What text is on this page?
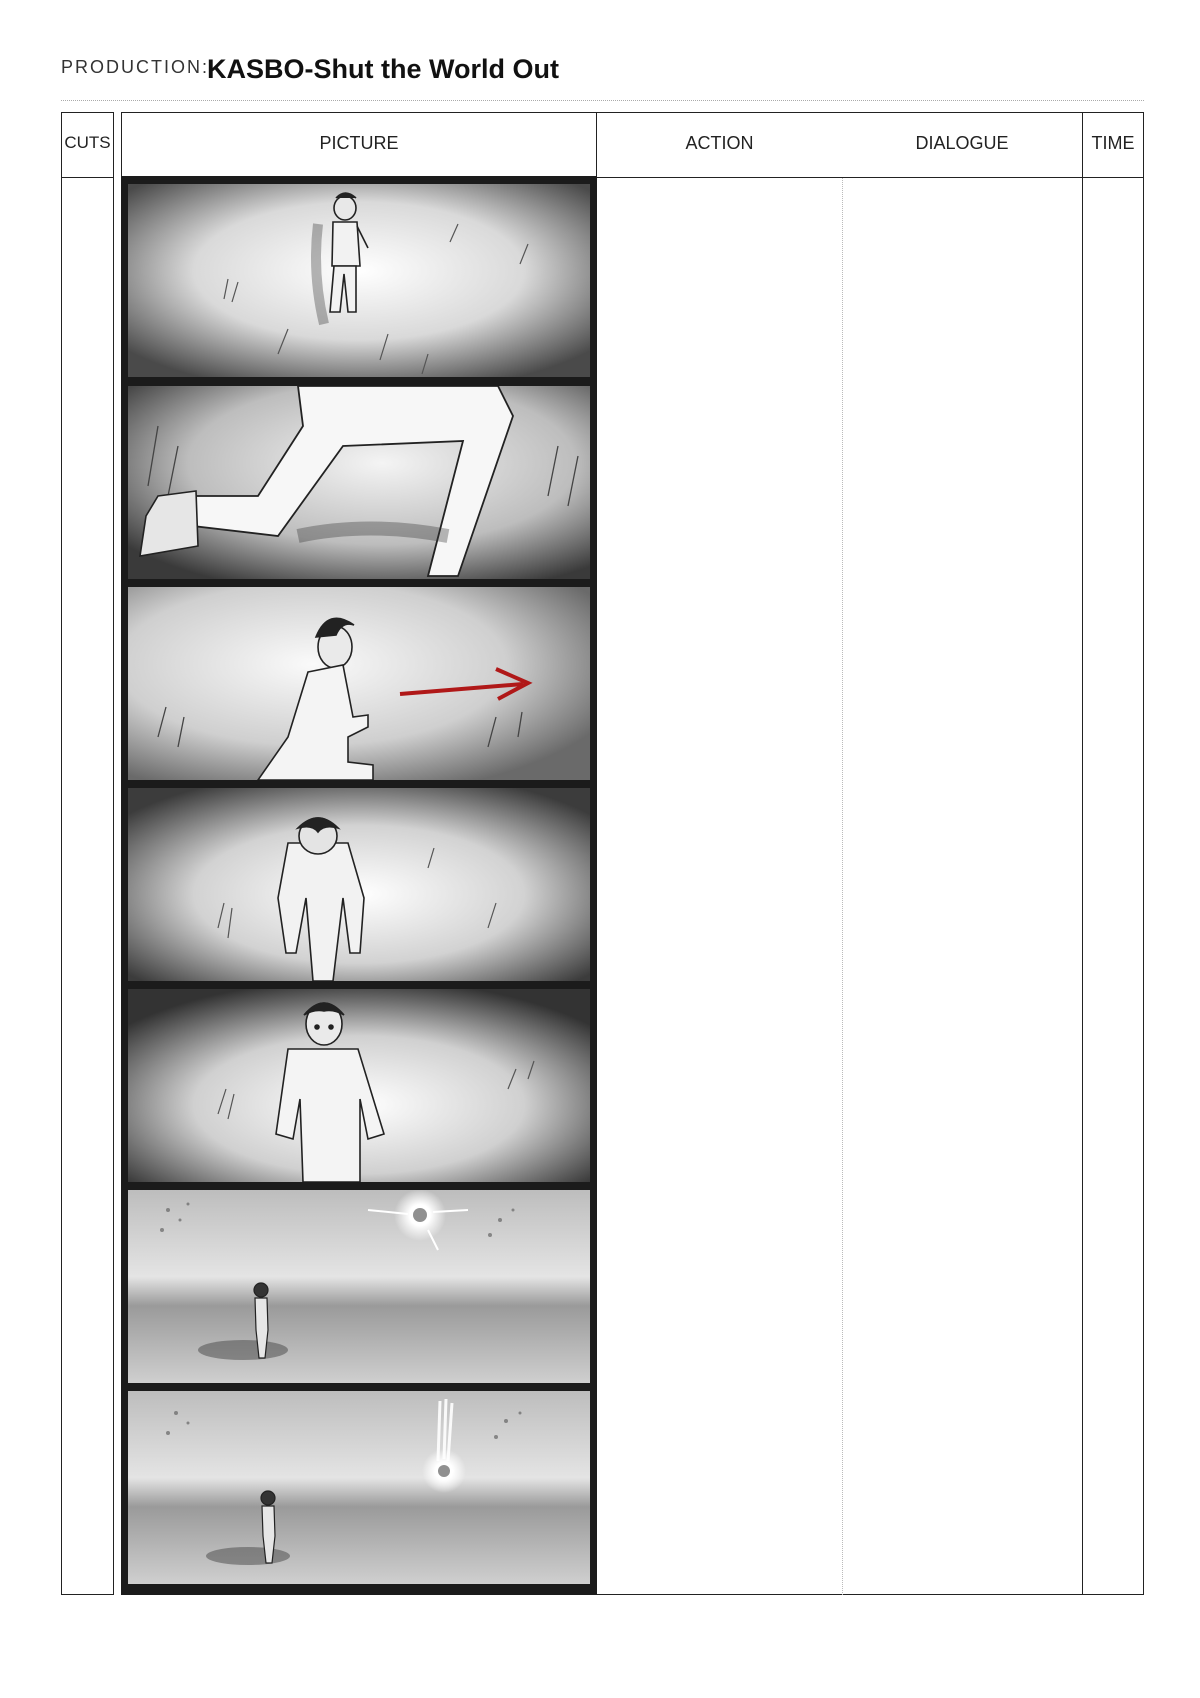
PRODUCTION:
KASBO-Shut the World Out
CUTS	PICTURE	ACTION	DIALOGUE	TIME
